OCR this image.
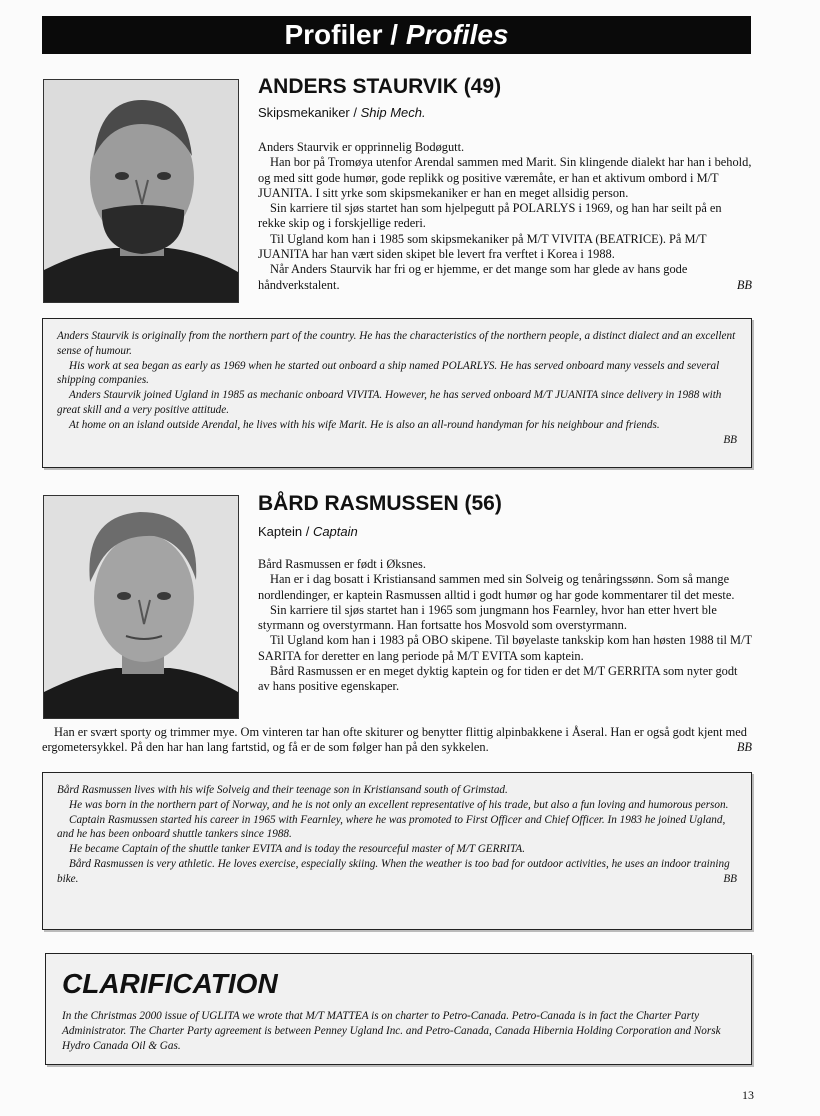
Profiler / Profiles
ANDERS STAURVIK (49)
Skipsmekaniker / Ship Mech.

Anders Staurvik er opprinnelig Bodøgutt.

Han bor på Tromøya utenfor Arendal sammen med Marit. Sin klingende dialekt har han i behold, og med sitt gode humør, gode replikk og positive væremåte, er han et aktivum ombord i M/T JUANITA. I sitt yrke som skipsmekaniker er han en meget allsidig person.

Sin karriere til sjøs startet han som hjelpegutt på POLARLYS i 1969, og han har seilt på en rekke skip og i forskjellige rederi.

Til Ugland kom han i 1985 som skipsmekaniker på M/T VIVITA (BEATRICE). På M/T JUANITA har han vært siden skipet ble levert fra verftet i Korea i 1988.

Når Anders Staurvik har fri og er hjemme, er det mange som har glede av hans gode håndverkstalent.	BB

Anders Staurvik is originally from the northern part of the country. He has the characteristics of the northern people, a distinct dialect and an excellent sense of humour.

His work at sea began as early as 1969 when he started out onboard a ship named POLARLYS. He has served onboard many vessels and several shipping companies.

Anders Staurvik joined Ugland in 1985 as mechanic onboard VIVITA. However, he has served onboard M/T JUANITA since delivery in 1988 with great skill and a very positive attitude.

At home on an island outside Arendal, he lives with his wife Marit. He is also an all-round handyman for his neighbour and friends.

BB
BÅRD RASMUSSEN (56)
Kaptein / Captain

Bård Rasmussen er født i Øksnes.

Han er i dag bosatt i Kristiansand sammen med sin Solveig og tenåringssønn. Som så mange nordlendinger, er kaptein Rasmussen alltid i godt humør og har gode kommentarer til det meste.

Sin karriere til sjøs startet han i 1965 som jungmann hos Fearnley, hvor han etter hvert ble styrmann og overstyrmann. Han fortsatte hos Mosvold som overstyrmann.

Til Ugland kom han i 1983 på OBO skipene. Til bøyelaste tankskip kom han høsten 1988 til M/T SARITA for deretter en lang periode på M/T EVITA som kaptein.

Bård Rasmussen er en meget dyktig kaptein og for tiden er det M/T GERRITA som nyter godt av hans positive egenskaper.

Han er svært sporty og trimmer mye. Om vinteren tar han ofte skiturer og benytter flittig alpinbakkene i Åseral. Han er også godt kjent med ergometersykkel. På den har han lang fartstid, og få er de som følger han på den sykkelen.	BB

Bård Rasmussen lives with his wife Solveig and their teenage son in Kristiansand south of Grimstad.

He was born in the northern part of Norway, and he is not only an excellent representative of his trade, but also a fun loving and humorous person.

Captain Rasmussen started his career in 1965 with Fearnley, where he was promoted to First Officer and Chief Officer. In 1983 he joined Ugland, and he has been onboard shuttle tankers since 1988.

He became Captain of the shuttle tanker EVITA and is today the resourceful master of M/T GERRITA.

Bård Rasmussen is very athletic. He loves exercise, especially skiing. When the weather is too bad for outdoor activities, he uses an indoor training bike.	BB

CLARIFICATION
In the Christmas 2000 issue of UGLITA we wrote that M/T MATTEA is on charter to Petro-Canada. Petro-Canada is in fact the Charter Party Administrator. The Charter Party agreement is between Penney Ugland Inc. and Petro-Canada, Canada Hibernia Holding Corporation and Norsk Hydro Canada Oil & Gas.
13
